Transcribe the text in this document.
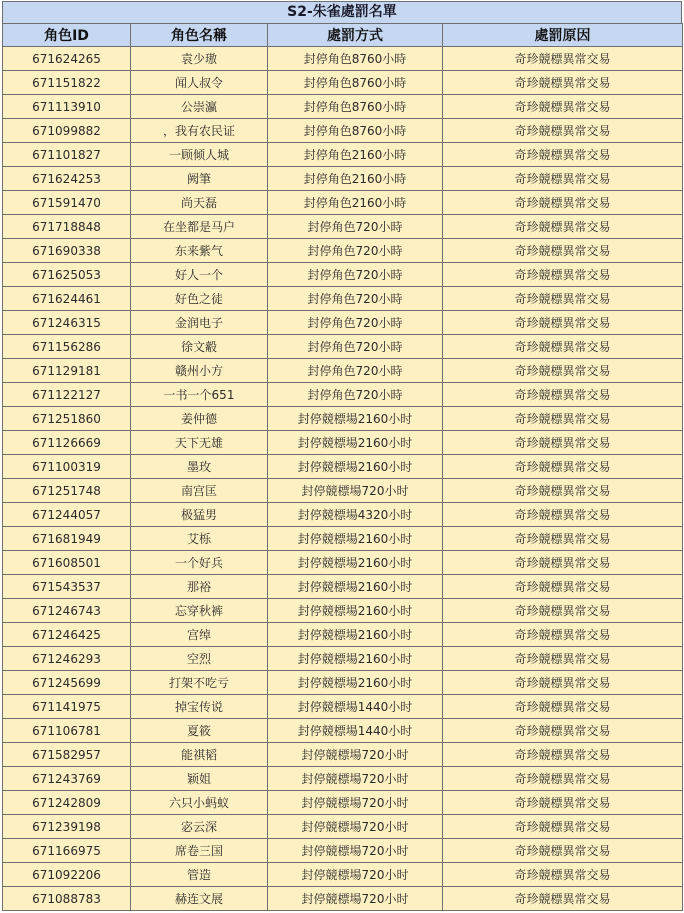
S2-朱雀處罰名單
角色ID	角色名稱	處罰方式	處罰原因
671624265	袁少璈	封停角色8760小時	奇珍競標異常交易
671151822	闻人叔令	封停角色8760小時	奇珍競標異常交易
671113910	公崇瀛	封停角色8760小時	奇珍競標異常交易
671099882	，我有农民证	封停角色8760小時	奇珍競標異常交易
671101827	一顾倾人城	封停角色2160小時	奇珍競標異常交易
671624253	阙筆	封停角色2160小時	奇珍競標異常交易
671591470	尚天磊	封停角色2160小時	奇珍競標異常交易
671718848	在坐都是马户	封停角色720小時	奇珍競標異常交易
671690338	东来紫气	封停角色720小時	奇珍競標異常交易
671625053	好人一个	封停角色720小時	奇珍競標異常交易
671624461	好色之徒	封停角色720小時	奇珍競標異常交易
671246315	金润电子	封停角色720小時	奇珍競標異常交易
671156286	徐文觳	封停角色720小時	奇珍競標異常交易
671129181	赣州小方	封停角色720小時	奇珍競標異常交易
671122127	一书一个651	封停角色720小時	奇珍競標異常交易
671251860	姜仲德	封停競標場2160小时	奇珍競標異常交易
671126669	天下无雄	封停競標場2160小时	奇珍競標異常交易
671100319	墨玫	封停競標場2160小时	奇珍競標異常交易
671251748	南宫匡	封停競標場720小时	奇珍競標異常交易
671244057	极猛男	封停競標場4320小时	奇珍競標異常交易
671681949	艾栎	封停競標場2160小时	奇珍競標異常交易
671608501	一个好兵	封停競標場2160小时	奇珍競標異常交易
671543537	那裕	封停競標場2160小时	奇珍競標異常交易
671246743	忘穿秋裤	封停競標場2160小时	奇珍競標異常交易
671246425	宫绰	封停競標場2160小时	奇珍競標異常交易
671246293	空烈	封停競標場2160小时	奇珍競標異常交易
671245699	打架不吃亏	封停競標場2160小时	奇珍競標異常交易
671141975	掉宝传说	封停競標場1440小时	奇珍競標異常交易
671106781	夏筱	封停競標場1440小时	奇珍競標異常交易
671582957	能祺韬	封停競標場720小时	奇珍競標異常交易
671243769	颖姐	封停競標場720小时	奇珍競標異常交易
671242809	六只小蚂蚁	封停競標場720小时	奇珍競標異常交易
671239198	宓云深	封停競標場720小时	奇珍競標異常交易
671166975	席卷三国	封停競標場720小时	奇珍競標異常交易
671092206	管造	封停競標場720小时	奇珍競標異常交易
671088783	赫连文展	封停競標場720小时	奇珍競標異常交易
